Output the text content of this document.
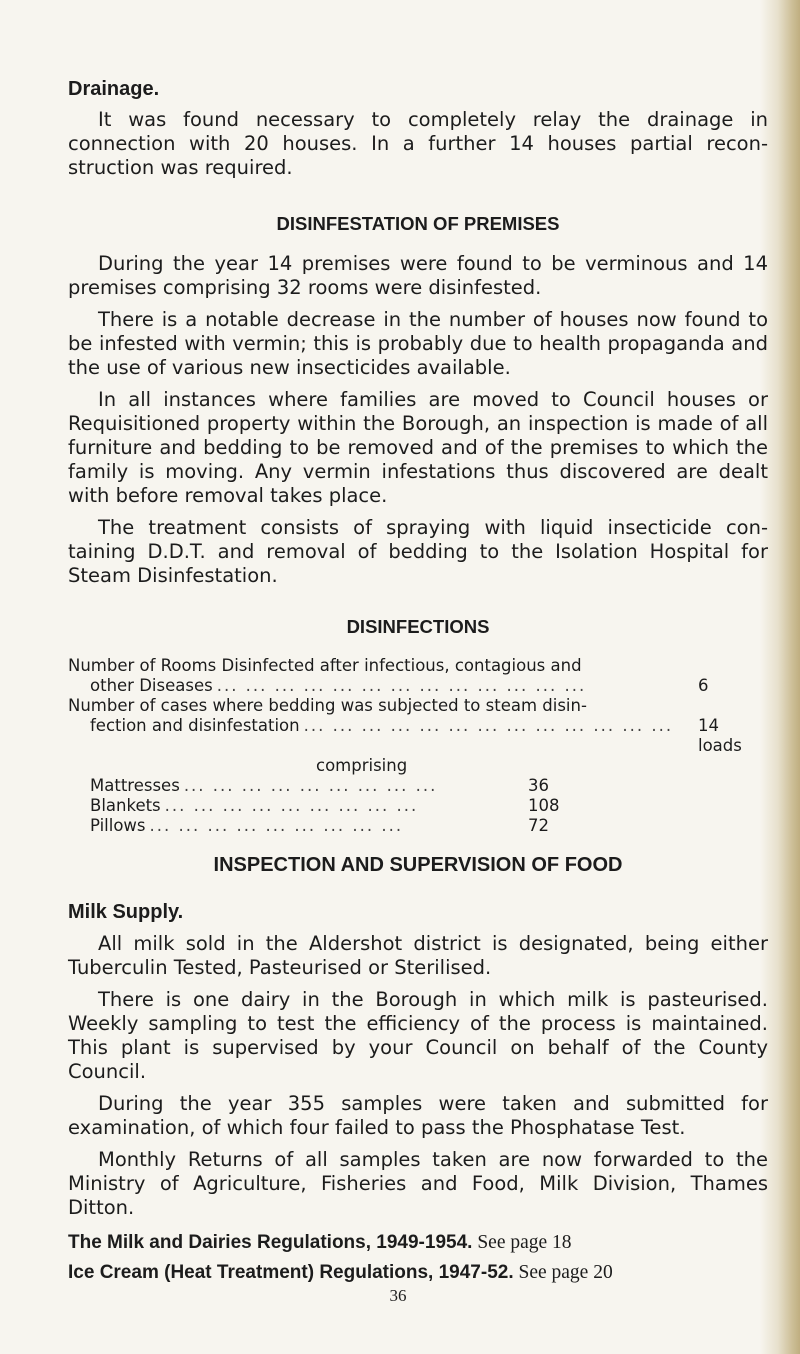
Drainage.

It was found necessary to completely relay the drainage in connection with 20 houses. In a further 14 houses partial recon- struction was required.

DISINFESTATION OF PREMISES

During the year 14 premises were found to be verminous and 14 premises comprising 32 rooms were disinfested.

There is a notable decrease in the number of houses now found to be infested with vermin; this is probably due to health propaganda and the use of various new insecticides available.

In all instances where families are moved to Council houses or Requisitioned property within the Borough, an inspection is made of all furniture and bedding to be removed and of the premises to which the family is moving. Any vermin infestations thus discovered are dealt with before removal takes place.

The treatment consists of spraying with liquid insecticide con- taining D.D.T. and removal of bedding to the Isolation Hospital for Steam Disinfestation.

DISINFECTIONS
Number of Rooms Disinfected after infectious, contagious and
other Diseases ... ... ... ... ... ... ... ... ... ... ... ... ...	6
Number of cases where bedding was subjected to steam disin-
fection and disinfestation ... ... ... ... ... ... ... ... ... ... ... ... ...	14 loads
comprising
Mattresses ... ... ... ... ... ... ... ... ...	36
Blankets ... ... ... ... ... ... ... ... ...	108
Pillows ... ... ... ... ... ... ... ... ...	72
INSPECTION AND SUPERVISION OF FOOD
Milk Supply.

All milk sold in the Aldershot district is designated, being either Tuberculin Tested, Pasteurised or Sterilised.

There is one dairy in the Borough in which milk is pasteurised. Weekly sampling to test the efficiency of the process is maintained. This plant is supervised by your Council on behalf of the County Council.

During the year 355 samples were taken and submitted for examination, of which four failed to pass the Phosphatase Test.

Monthly Returns of all samples taken are now forwarded to the Ministry of Agriculture, Fisheries and Food, Milk Division, Thames Ditton.

The Milk and Dairies Regulations, 1949-1954. See page 18
Ice Cream (Heat Treatment) Regulations, 1947-52. See page 20
36
